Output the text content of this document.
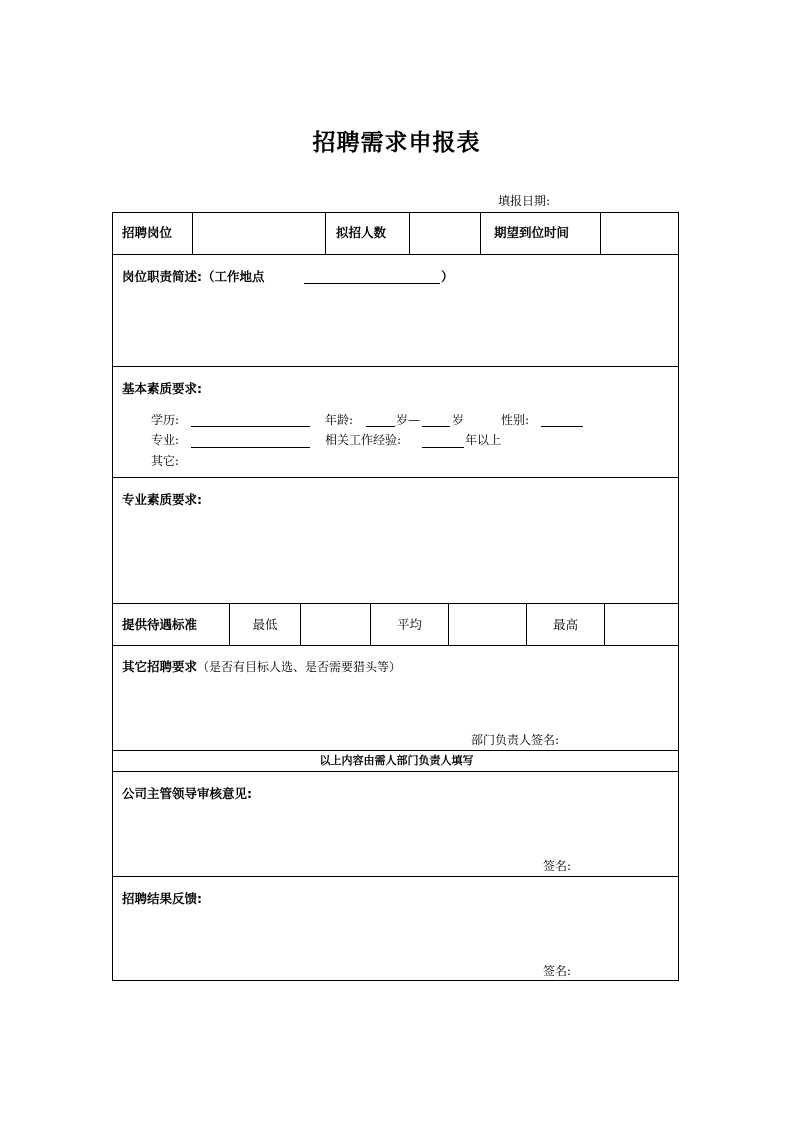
招聘需求申报表
填报日期:
招聘岗位	拟招人数	期望到位时间
岗位职责简述:（工作地点	）
基本素质要求:
学历:	年龄:	岁—	岁	性别:
专业:	相关工作经验:	年以上
其它:
专业素质要求:
提供待遇标准	最低	平均	最高
其它招聘要求（是否有目标人选、是否需要猎头等）
部门负责人签名:
以上内容由需人部门负责人填写
公司主管领导审核意见:
签名:
招聘结果反馈:
签名:
